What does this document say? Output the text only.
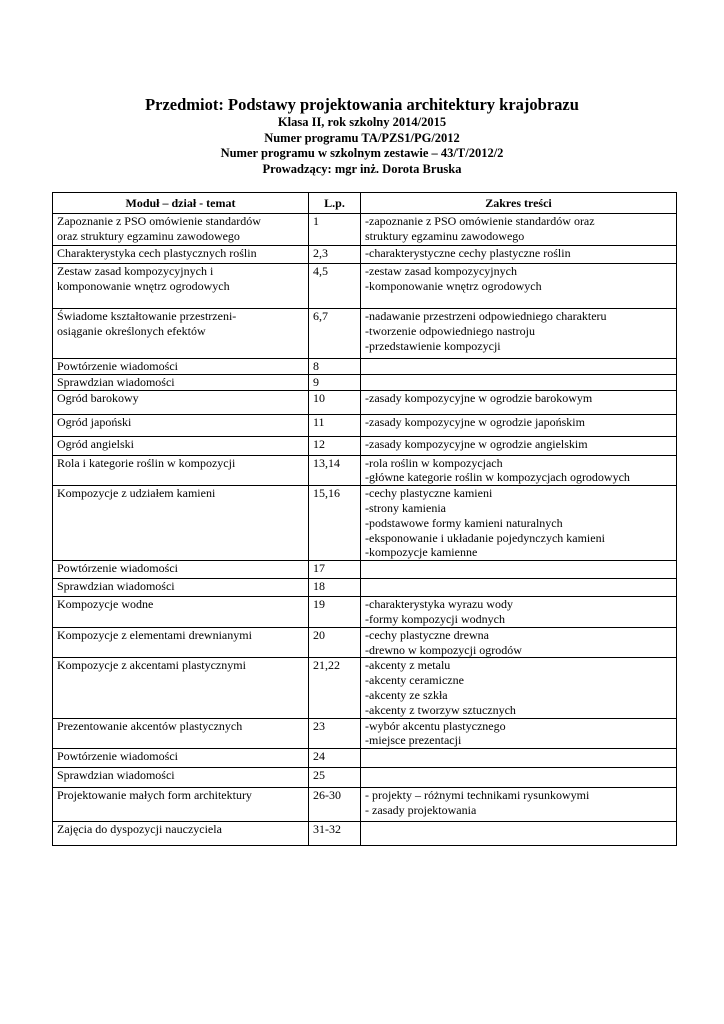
Przedmiot: Podstawy projektowania architektury krajobrazu
Klasa II, rok szkolny 2014/2015
Numer programu TA/PZS1/PG/2012
Numer programu w szkolnym zestawie – 43/T/2012/2
Prowadzący: mgr inż. Dorota Bruska
Moduł – dział - temat	L.p.	Zakres treści

Zapoznanie z PSO omówienie standardów
oraz struktury egzaminu zawodowego	1	-zapoznanie z PSO omówienie standardów oraz
struktury egzaminu zawodowego

Charakterystyka cech plastycznych roślin	2,3	-charakterystyczne cechy plastyczne roślin

Zestaw zasad kompozycyjnych i
komponowanie wnętrz ogrodowych	4,5	-zestaw zasad kompozycyjnych
-komponowanie wnętrz ogrodowych

Świadome kształtowanie przestrzeni-
osiąganie określonych efektów	6,7	-nadawanie przestrzeni odpowiedniego charakteru
-tworzenie odpowiedniego nastroju
-przedstawienie kompozycji

Powtórzenie wiadomości	8	

Sprawdzian wiadomości	9	

Ogród barokowy	10	-zasady kompozycyjne w ogrodzie barokowym

Ogród japoński	11	-zasady kompozycyjne w ogrodzie japońskim

Ogród angielski	12	-zasady kompozycyjne w ogrodzie angielskim

Rola i kategorie roślin w kompozycji	13,14	-rola roślin w kompozycjach
-główne kategorie roślin w kompozycjach ogrodowych

Kompozycje z udziałem kamieni	15,16	-cechy plastyczne kamieni
-strony kamienia
-podstawowe formy kamieni naturalnych
-eksponowanie i układanie pojedynczych kamieni
-kompozycje kamienne

Powtórzenie wiadomości	17	

Sprawdzian wiadomości	18	

Kompozycje wodne	19	-charakterystyka wyrazu wody
-formy kompozycji wodnych

Kompozycje z elementami drewnianymi	20	-cechy plastyczne drewna
-drewno w kompozycji ogrodów

Kompozycje z akcentami plastycznymi	21,22	-akcenty z metalu
-akcenty ceramiczne
-akcenty ze szkła
-akcenty z tworzyw sztucznych

Prezentowanie akcentów plastycznych	23	-wybór akcentu plastycznego
-miejsce prezentacji

Powtórzenie wiadomości	24	

Sprawdzian wiadomości	25	

Projektowanie małych form architektury	26-30	- projekty – różnymi technikami rysunkowymi
- zasady projektowania

Zajęcia do dyspozycji nauczyciela	31-32	
